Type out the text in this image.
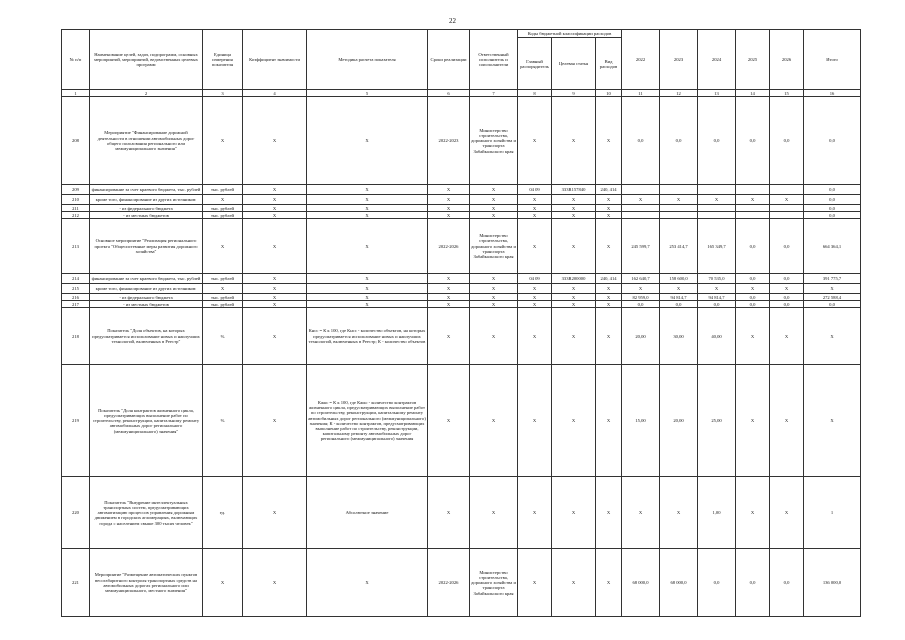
22
№ п/п	Наименование целей, задач, подпрограмм, основных мероприятий, мероприятий, ведомственных целевых программ	Единица измерения показателя	Коэффициент значимости	Методика расчета показателя	Сроки реализации	Ответственный исполнитель и соисполнители	Коды бюджетной классификации расходов			2022	2023	2024	2025	2026	Итого
							Главный распорядитель	Целевая статья	Вид расходов						
1	2	3	4	5	6	7	8	9	10	11	12	13	14	15	16
208	Мероприятие "Финансирование дорожной деятельности в отношении автомобильных дорог общего пользования регионального или межмуниципального значения"	X	X	X	2022-2023	Министерство строительства, дорожного хозяйства и транспорта Забайкальского края	X	X	X	0,0	0,0	0,0	0,0	0,0	0,0
209	финансирование за счет краевого бюджета, тыс. рублей	тыс. рублей	X	X	X	X	04 09	333R157840	240, 414						0,0
210	кроме того, финансирование из других источников:	X	X	X	X	X	X	X	X	X	X	X	X	X	0,0
211	- из федерального бюджета	тыс. рублей	X	X	X	X	X	X	X						0,0
212	- из местных бюджетов	тыс. рублей	X	X	X	X	X	X	X						0,0
213	Основное мероприятие "Реализация регионального проекта "Общесистемные меры развития дорожного хозяйства"	X	X	X	2022-2026	Министерство строительства, дорожного хозяйства и транспорта Забайкальского края	X	X	X	245 599,7	253 414,7	165 349,7	0,0	0,0	664 364,1
214	финансирование за счет краевого бюджета, тыс. рублей	тыс. рублей	X	X	X	X	04 09	333R200000	240, 414	162 640,7	158 600,0	70 535,0	0,0	0,0	391 775,7
215	кроме того, финансирование из других источников:	X	X	X	X	X	X	X	X	X	X	X	X	X	X
216	- из федерального бюджета	тыс. рублей	X	X	X	X	X	X	X	82 959,0	94 814,7	94 814,7	0,0	0,0	272 588,4
217	- из местных бюджетов	тыс. рублей	X	X	X	X	X	X	X	0,0	0,0	0,0	0,0	0,0	0,0
218	Показатель "Доля объектов, на которых предусматривается использование новых и наилучших технологий, включенных в Реестр"	%	X	Кнсс = К к 100, где Кнсс - количество объектов, на которых предусматривается использование новых и наилучших технологий, включенных в Реестр; К - количество объектов	X	X	X	X	X	20,00	30,00	40,00	X	X	X
219	Показатель "Доля контрактов жизненного цикла, предусматривающих выполнение работ по строительству, реконструкции, капитальному ремонту автомобильных дорог регионального (межмуниципального) значения"	%	X	Кжкс = К к 100, где Кжкс - количество контрактов жизненного цикла, предусматривающих выполнение работ по строительству, реконструкции, капитальному ремонту автомобильных дорог регионального (межмуниципального) значения; К - количество контрактов, предусматривающих выполнение работ по строительству, реконструкции, капитальному ремонту автомобильных дорог регионального (межмуниципального) значения	X	X	X	X	X	15,00	20,00	25,00	X	X	X
220	Показатель "Внедрение интеллектуальных транспортных систем, предусматривающих автоматизацию процессов управления дорожным движением в городских агломерациях, включающих города с населением свыше 300 тысяч человек"	ед.	X	Абсолютное значение	X	X	X	X	X	X	X	1,00	X	X	1
221	Мероприятие "Размещение автоматических пунктов весогабаритного контроля транспортных средств на автомобильных дорогах регионального или межмуниципального, местного значения"	X	X	X	2022-2026	Министерство строительства, дорожного хозяйства и транспорта Забайкальского края	X	X	X	68 000,0	68 000,0	0,0	0,0	0,0	136 000,0
